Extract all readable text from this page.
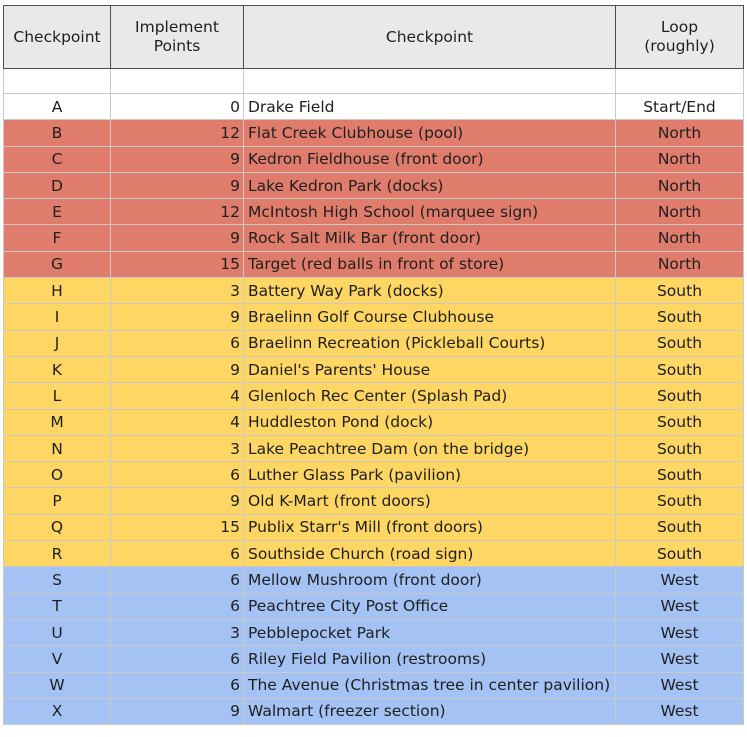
Checkpoint	Implement Points	Checkpoint	Loop (roughly)

A	0	Drake Field	Start/End
B	12	Flat Creek Clubhouse (pool)	North
C	9	Kedron Fieldhouse (front door)	North
D	9	Lake Kedron Park (docks)	North
E	12	McIntosh High School (marquee sign)	North
F	9	Rock Salt Milk Bar (front door)	North
G	15	Target (red balls in front of store)	North
H	3	Battery Way Park (docks)	South
I	9	Braelinn Golf Course Clubhouse	South
J	6	Braelinn Recreation (Pickleball Courts)	South
K	9	Daniel's Parents' House	South
L	4	Glenloch Rec Center (Splash Pad)	South
M	4	Huddleston Pond (dock)	South
N	3	Lake Peachtree Dam (on the bridge)	South
O	6	Luther Glass Park (pavilion)	South
P	9	Old K-Mart (front doors)	South
Q	15	Publix Starr's Mill (front doors)	South
R	6	Southside Church (road sign)	South
S	6	Mellow Mushroom (front door)	West
T	6	Peachtree City Post Office	West
U	3	Pebblepocket Park	West
V	6	Riley Field Pavilion (restrooms)	West
W	6	The Avenue (Christmas tree in center pavilion)	West
X	9	Walmart (freezer section)	West
